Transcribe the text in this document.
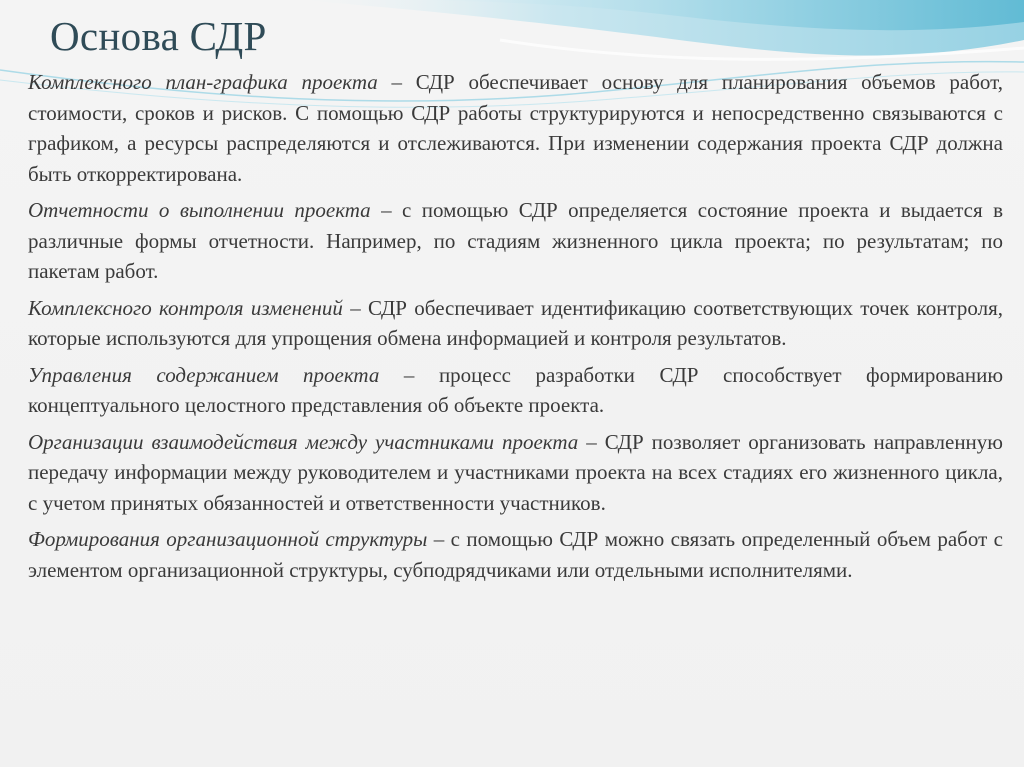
Основа СДР

Комплексного план-графика проекта – СДР обеспечивает основу для планирования объемов работ, стоимости, сроков и рисков. С помощью СДР работы структурируются и непосредственно связываются с графиком, а ресурсы распределяются и отслеживаются. При изменении содержания проекта СДР должна быть откорректирована.

Отчетности о выполнении проекта – с помощью СДР определяется состояние проекта и выдается в различные формы отчетности. Например, по стадиям жизненного цикла проекта; по результатам; по пакетам работ.

Комплексного контроля изменений – СДР обеспечивает идентификацию соответствующих точек контроля, которые используются для упрощения обмена информацией и контроля результатов.

Управления содержанием проекта – процесс разработки СДР способствует формированию концептуального целостного представления об объекте проекта.

Организации взаимодействия между участниками проекта – СДР позволяет организовать направленную передачу информации между руководителем и участниками проекта на всех стадиях его жизненного цикла, с учетом принятых обязанностей и ответственности участников.

Формирования организационной структуры – с помощью СДР можно связать определенный объем работ с элементом организационной структуры, субподрядчиками или отдельными исполнителями.
